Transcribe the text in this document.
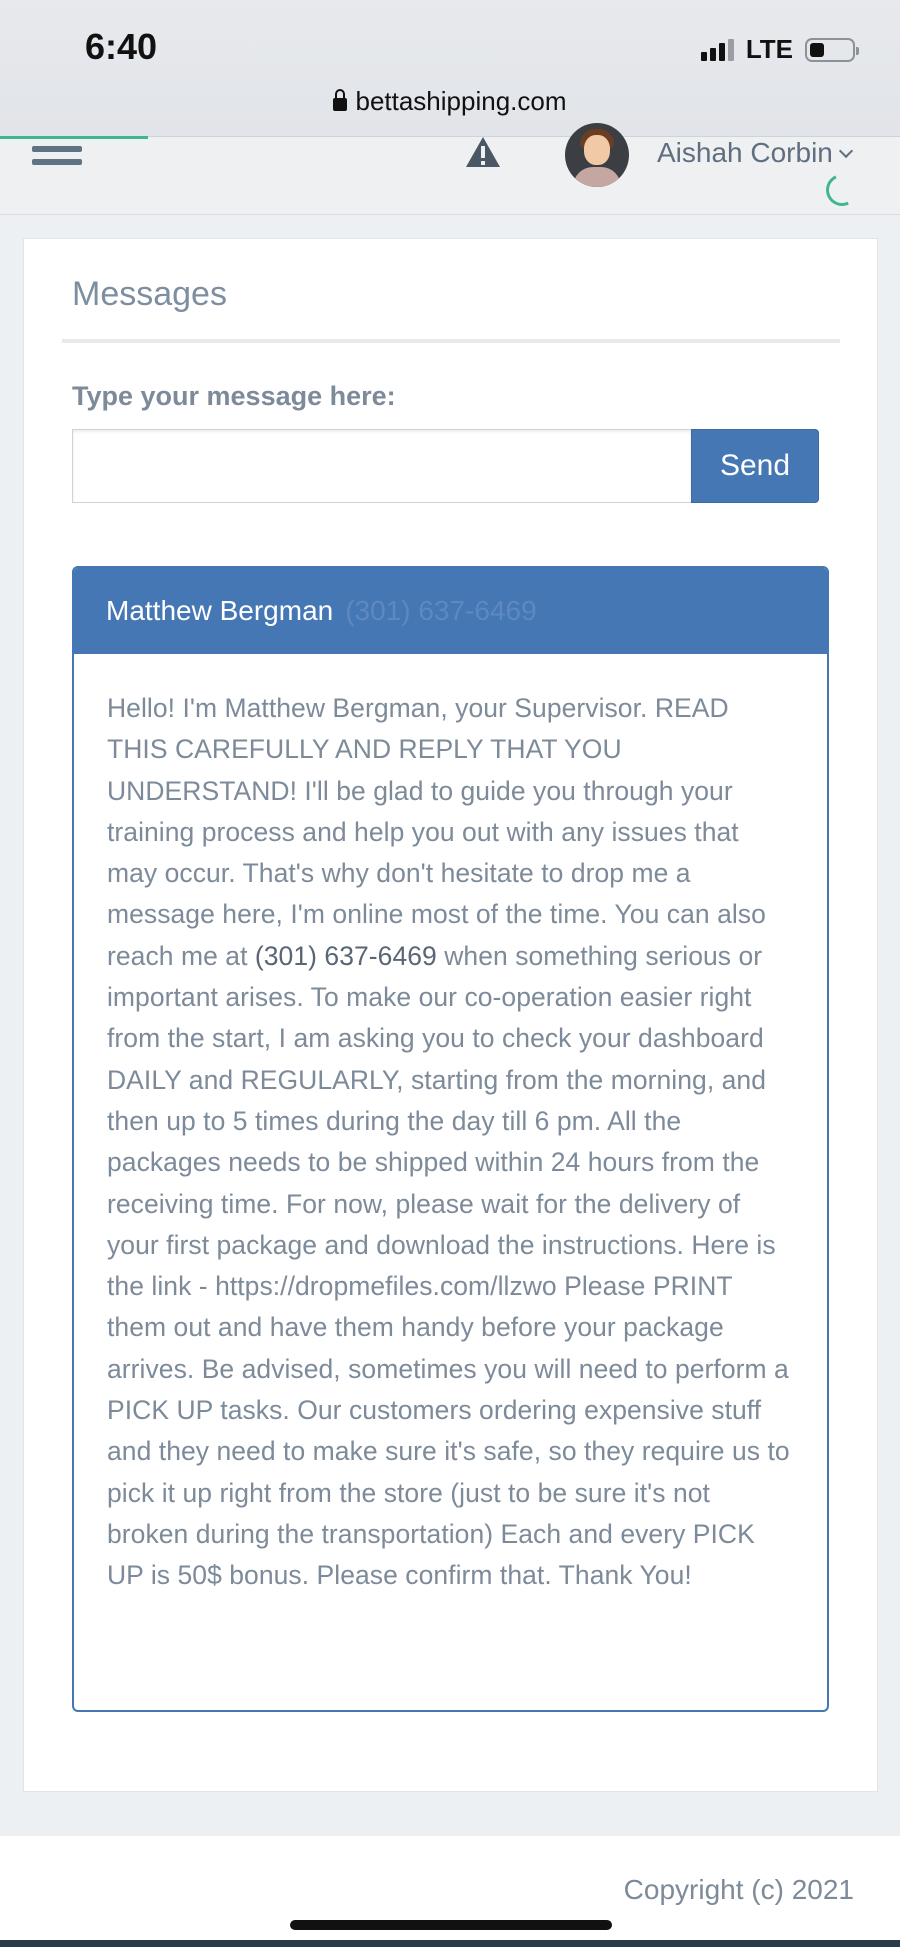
6:40	LTE
bettashipping.com
Aishah Corbin
Messages
Type your message here:
Send
Matthew Bergman (301) 637-6469
Hello! I'm Matthew Bergman, your Supervisor. READ THIS CAREFULLY AND REPLY THAT YOU UNDERSTAND! I'll be glad to guide you through your training process and help you out with any issues that may occur. That's why don't hesitate to drop me a message here, I'm online most of the time. You can also reach me at (301) 637-6469 when something serious or important arises. To make our co-operation easier right from the start, I am asking you to check your dashboard DAILY and REGULARLY, starting from the morning, and then up to 5 times during the day till 6 pm. All the packages needs to be shipped within 24 hours from the receiving time. For now, please wait for the delivery of your first package and download the instructions. Here is the link - https://dropmefiles.com/llzwo Please PRINT them out and have them handy before your package arrives. Be advised, sometimes you will need to perform a PICK UP tasks. Our customers ordering expensive stuff and they need to make sure it's safe, so they require us to pick it up right from the store (just to be sure it's not broken during the transportation) Each and every PICK UP is 50$ bonus. Please confirm that. Thank You!
Copyright (c) 2021
